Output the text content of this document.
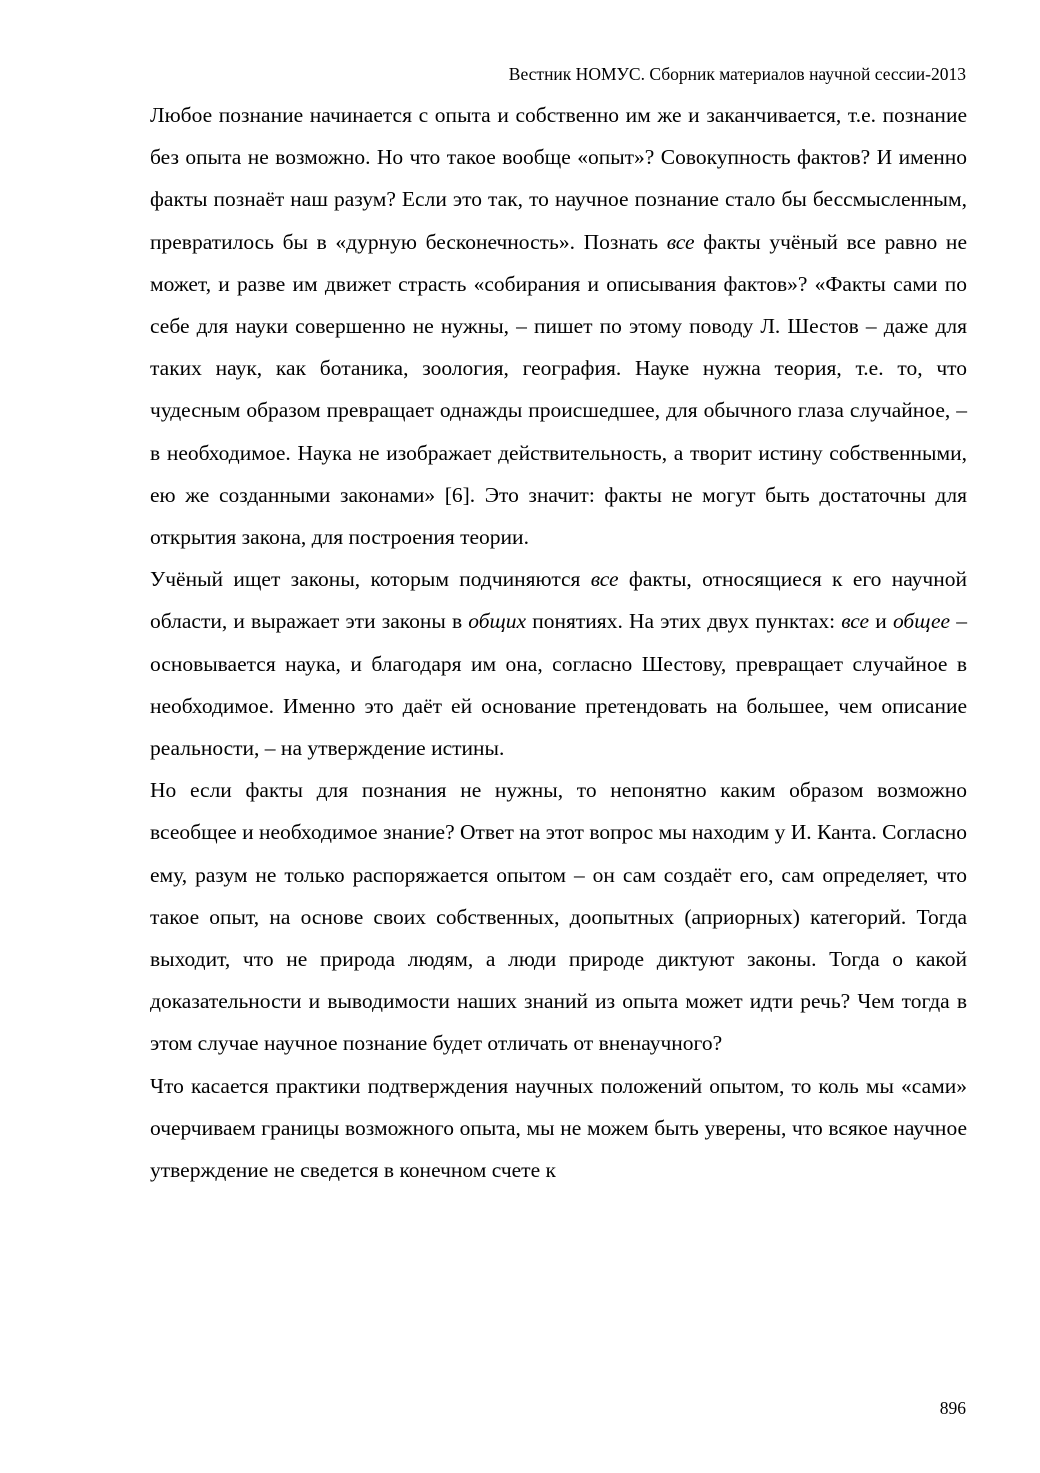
Вестник НОМУС. Сборник материалов научной сессии-2013

Любое познание начинается с опыта и собственно им же и заканчивается, т.е. познание без опыта не возможно. Но что такое вообще «опыт»? Совокупность фактов? И именно факты познаёт наш разум? Если это так, то научное познание стало бы бессмысленным, превратилось бы в «дурную бесконечность». Познать все факты учёный все равно не может, и разве им движет страсть «собирания и описывания фактов»? «Факты сами по себе для науки совершенно не нужны, – пишет по этому поводу Л. Шестов – даже для таких наук, как ботаника, зоология, география. Науке нужна теория, т.е. то, что чудесным образом превращает однажды происшедшее, для обычного глаза случайное, – в необходимое. Наука не изображает действительность, а творит истину собственными, ею же созданными законами» [6]. Это значит: факты не могут быть достаточны для открытия закона, для построения теории.

Учёный ищет законы, которым подчиняются все факты, относящиеся к его научной области, и выражает эти законы в общих понятиях. На этих двух пунктах: все и общее – основывается наука, и благодаря им она, согласно Шестову, превращает случайное в необходимое. Именно это даёт ей основание претендовать на большее, чем описание реальности, – на утверждение истины.

Но если факты для познания не нужны, то непонятно каким образом возможно всеобщее и необходимое знание? Ответ на этот вопрос мы находим у И. Канта. Согласно ему, разум не только распоряжается опытом – он сам создаёт его, сам определяет, что такое опыт, на основе своих собственных, доопытных (априорных) категорий. Тогда выходит, что не природа людям, а люди природе диктуют законы. Тогда о какой доказательности и выводимости наших знаний из опыта может идти речь? Чем тогда в этом случае научное познание будет отличать от вненаучного?

Что касается практики подтверждения научных положений опытом, то коль мы «сами» очерчиваем границы возможного опыта, мы не можем быть уверены, что всякое научное утверждение не сведется в конечном счете к

896
